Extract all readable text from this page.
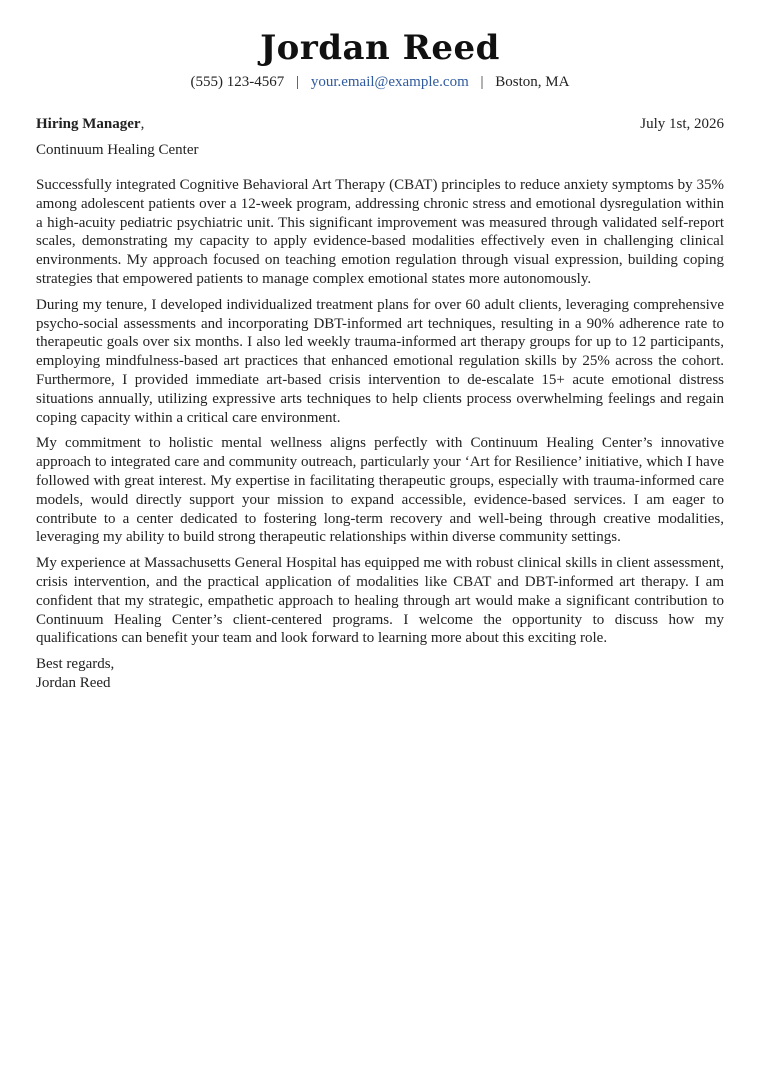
Jordan Reed
(555) 123-4567 | your.email@example.com | Boston, MA
Hiring Manager,	July 1st, 2026
Continuum Healing Center

Successfully integrated Cognitive Behavioral Art Therapy (CBAT) principles to reduce anxiety symptoms by 35% among adolescent patients over a 12-week program, addressing chronic stress and emotional dysregulation within a high-acuity pediatric psychiatric unit. This significant improvement was measured through validated self-report scales, demonstrating my capacity to apply evidence-based modalities effectively even in challenging clinical environments. My approach focused on teaching emotion regulation through visual expression, building coping strategies that empowered patients to manage complex emotional states more autonomously.

During my tenure, I developed individualized treatment plans for over 60 adult clients, leveraging comprehensive psycho-social assessments and incorporating DBT-informed art techniques, resulting in a 90% adherence rate to therapeutic goals over six months. I also led weekly trauma-informed art therapy groups for up to 12 participants, employing mindfulness-based art practices that enhanced emotional regulation skills by 25% across the cohort. Furthermore, I provided immediate art-based crisis intervention to de-escalate 15+ acute emotional distress situations annually, utilizing expressive arts techniques to help clients process overwhelming feelings and regain coping capacity within a critical care environment.

My commitment to holistic mental wellness aligns perfectly with Continuum Healing Center’s innovative approach to integrated care and community outreach, particularly your ‘Art for Resilience’ initiative, which I have followed with great interest. My expertise in facilitating therapeutic groups, especially with trauma-informed care models, would directly support your mission to expand accessible, evidence-based services. I am eager to contribute to a center dedicated to fostering long-term recovery and well-being through creative modalities, leveraging my ability to build strong therapeutic relationships within diverse community settings.

My experience at Massachusetts General Hospital has equipped me with robust clinical skills in client assessment, crisis intervention, and the practical application of modalities like CBAT and DBT-informed art therapy. I am confident that my strategic, empathetic approach to healing through art would make a significant contribution to Continuum Healing Center’s client-centered programs. I welcome the opportunity to discuss how my qualifications can benefit your team and look forward to learning more about this exciting role.

Best regards,
Jordan Reed
